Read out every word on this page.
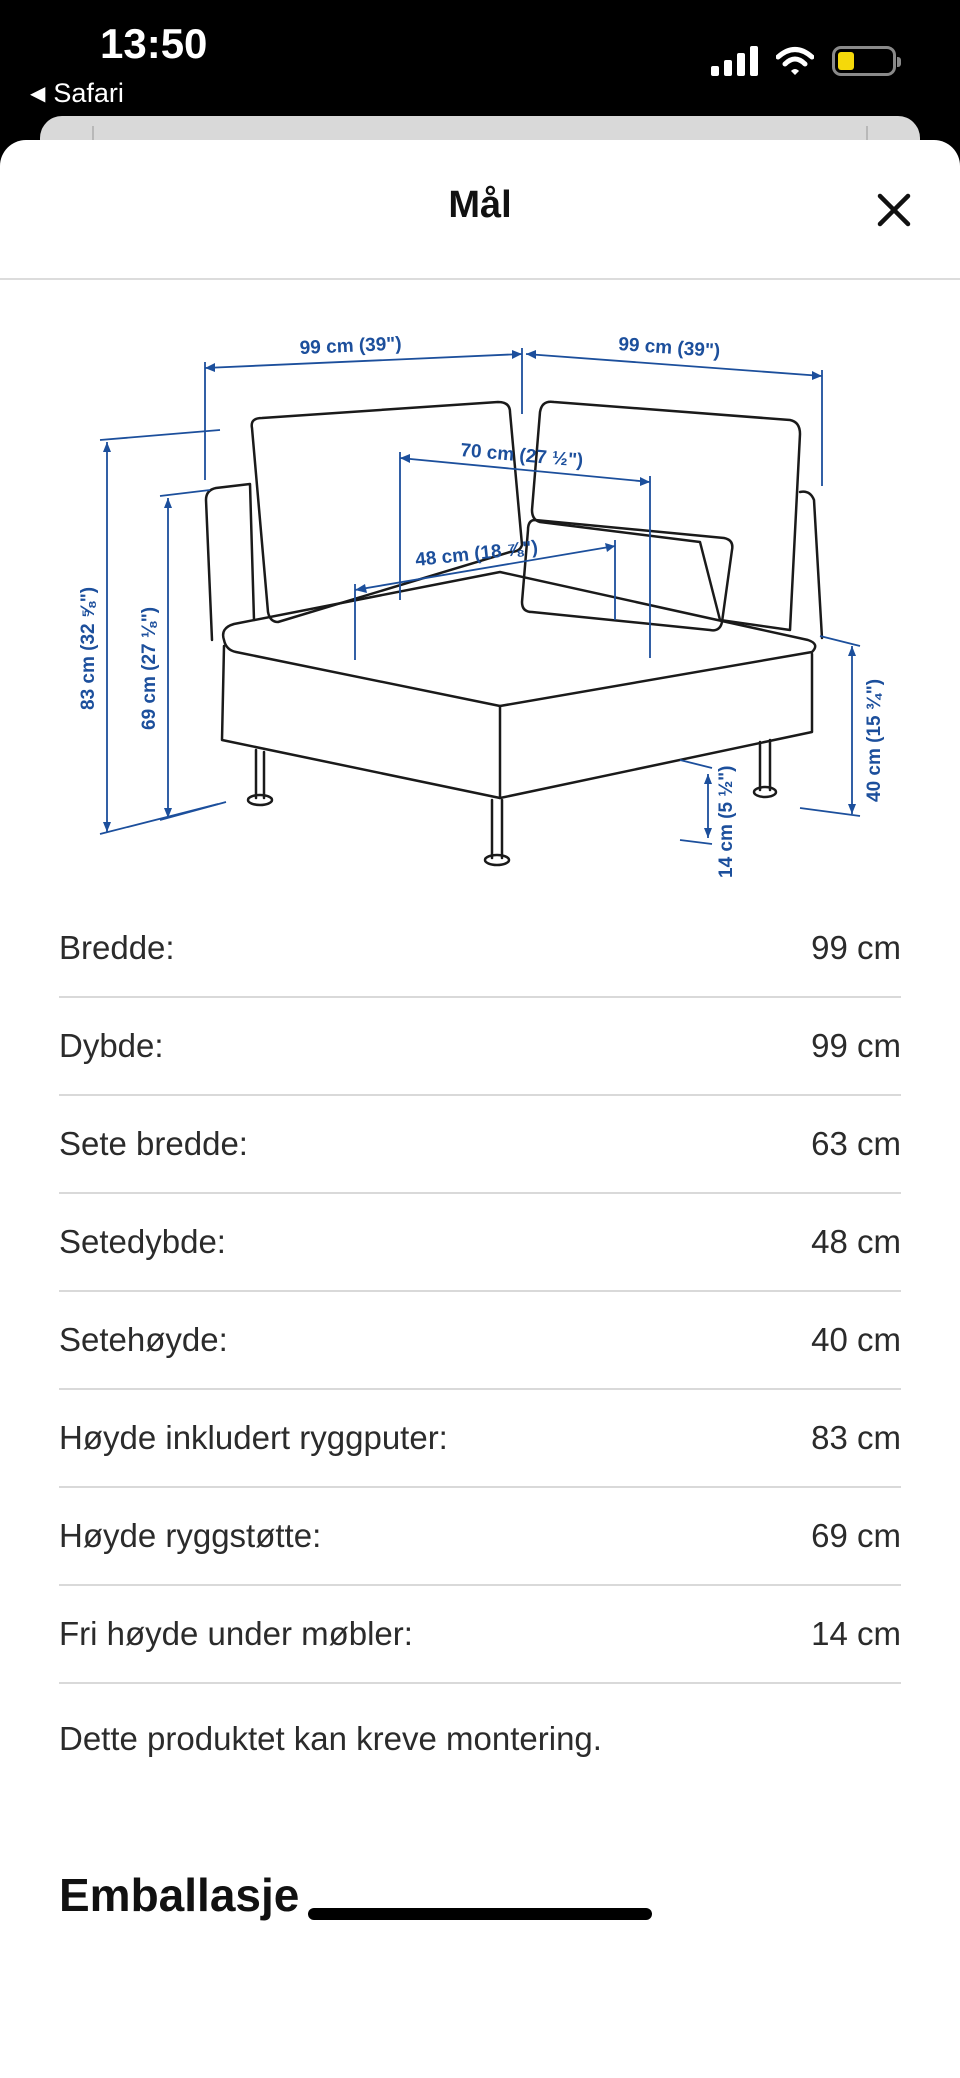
13:50
◀ Safari
Mål
99 cm (39")	99 cm (39")
70 cm (27 ½")
48 cm (18 ⅞")
83 cm (32 ⅝") 69 cm (27 ⅛")
40 cm (15 ¾")
14 cm (5 ½")
Bredde:	99 cm
Dybde:	99 cm
Sete bredde:	63 cm
Setedybde:	48 cm
Setehøyde:	40 cm
Høyde inkludert ryggputer:	83 cm
Høyde ryggstøtte:	69 cm
Fri høyde under møbler:	14 cm
Dette produktet kan kreve montering.
Emballasje
